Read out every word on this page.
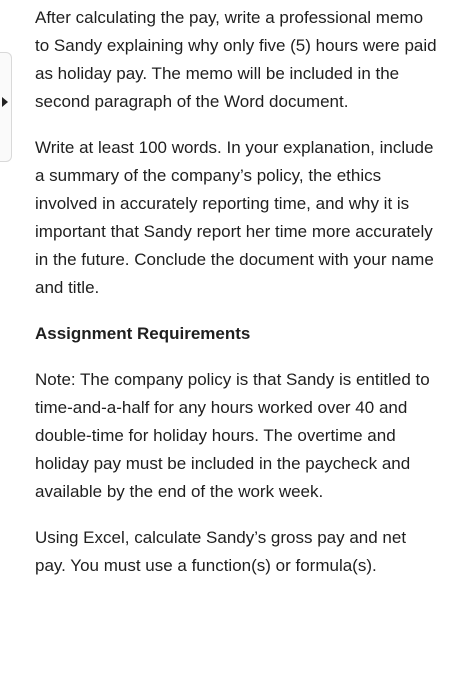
After calculating the pay, write a professional memo to Sandy explaining why only five (5) hours were paid as holiday pay. The memo will be included in the second paragraph of the Word document.

Write at least 100 words. In your explanation, include a summary of the company’s policy, the ethics involved in accurately reporting time, and why it is important that Sandy report her time more accurately in the future. Conclude the document with your name and title.

Assignment Requirements

Note: The company policy is that Sandy is entitled to time-and-a-half for any hours worked over 40 and double-time for holiday hours. The overtime and holiday pay must be included in the paycheck and available by the end of the work week.

Using Excel, calculate Sandy’s gross pay and net pay. You must use a function(s) or formula(s).
